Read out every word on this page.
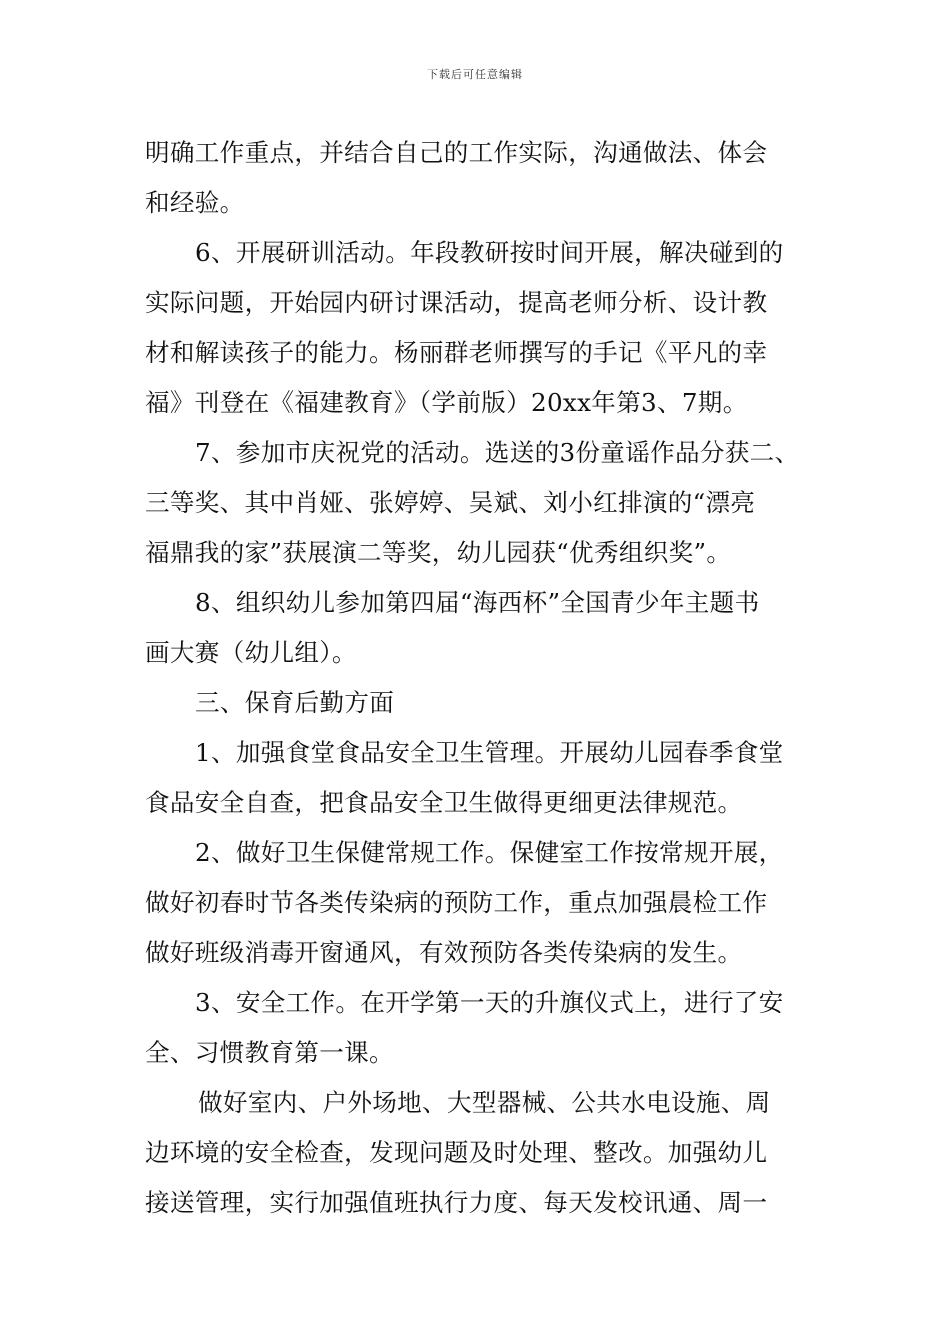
下载后可任意编辑
明确工作重点，并结合自己的工作实际，沟通做法、体会
和经验。
6、开展研训活动。年段教研按时间开展，解决碰到的
实际问题，开始园内研讨课活动，提高老师分析、设计教
材和解读孩子的能力。杨丽群老师撰写的手记《平凡的幸
福》刊登在《福建教育》（学前版）20xx年第3、7期。
7、参加市庆祝党的活动。选送的3份童谣作品分获二、
三等奖、其中肖娅、张婷婷、吴斌、刘小红排演的“漂亮
福鼎我的家”获展演二等奖，幼儿园获“优秀组织奖”。
8、组织幼儿参加第四届“海西杯”全国青少年主题书
画大赛（幼儿组）。
三、保育后勤方面
1、加强食堂食品安全卫生管理。开展幼儿园春季食堂
食品安全自查，把食品安全卫生做得更细更法律规范。
2、做好卫生保健常规工作。保健室工作按常规开展，
做好初春时节各类传染病的预防工作，重点加强晨检工作
做好班级消毒开窗通风，有效预防各类传染病的发生。
3、安全工作。在开学第一天的升旗仪式上，进行了安
全、习惯教育第一课。
做好室内、户外场地、大型器械、公共水电设施、周
边环境的安全检查，发现问题及时处理、整改。加强幼儿
接送管理，实行加强值班执行力度、每天发校讯通、周一
